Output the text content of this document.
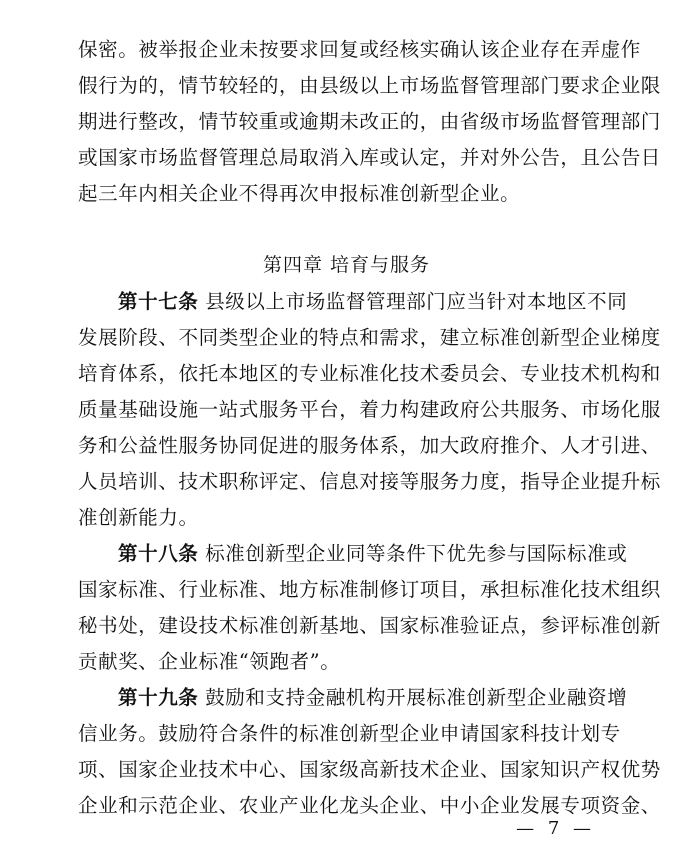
保密。被举报企业未按要求回复或经核实确认该企业存在弄虚作
假行为的，情节较轻的，由县级以上市场监督管理部门要求企业限
期进行整改，情节较重或逾期未改正的，由省级市场监督管理部门
或国家市场监督管理总局取消入库或认定，并对外公告，且公告日
起三年内相关企业不得再次申报标准创新型企业。
第四章 培育与服务
第十七条 县级以上市场监督管理部门应当针对本地区不同
发展阶段、不同类型企业的特点和需求，建立标准创新型企业梯度
培育体系，依托本地区的专业标准化技术委员会、专业技术机构和
质量基础设施一站式服务平台，着力构建政府公共服务、市场化服
务和公益性服务协同促进的服务体系，加大政府推介、人才引进、
人员培训、技术职称评定、信息对接等服务力度，指导企业提升标
准创新能力。
第十八条 标准创新型企业同等条件下优先参与国际标准或
国家标准、行业标准、地方标准制修订项目，承担标准化技术组织
秘书处，建设技术标准创新基地、国家标准验证点，参评标准创新
贡献奖、企业标准“领跑者”。
第十九条 鼓励和支持金融机构开展标准创新型企业融资增
信业务。鼓励符合条件的标准创新型企业申请国家科技计划专
项、国家企业技术中心、国家级高新技术企业、国家知识产权优势
企业和示范企业、农业产业化龙头企业、中小企业发展专项资金、
— 7 —
